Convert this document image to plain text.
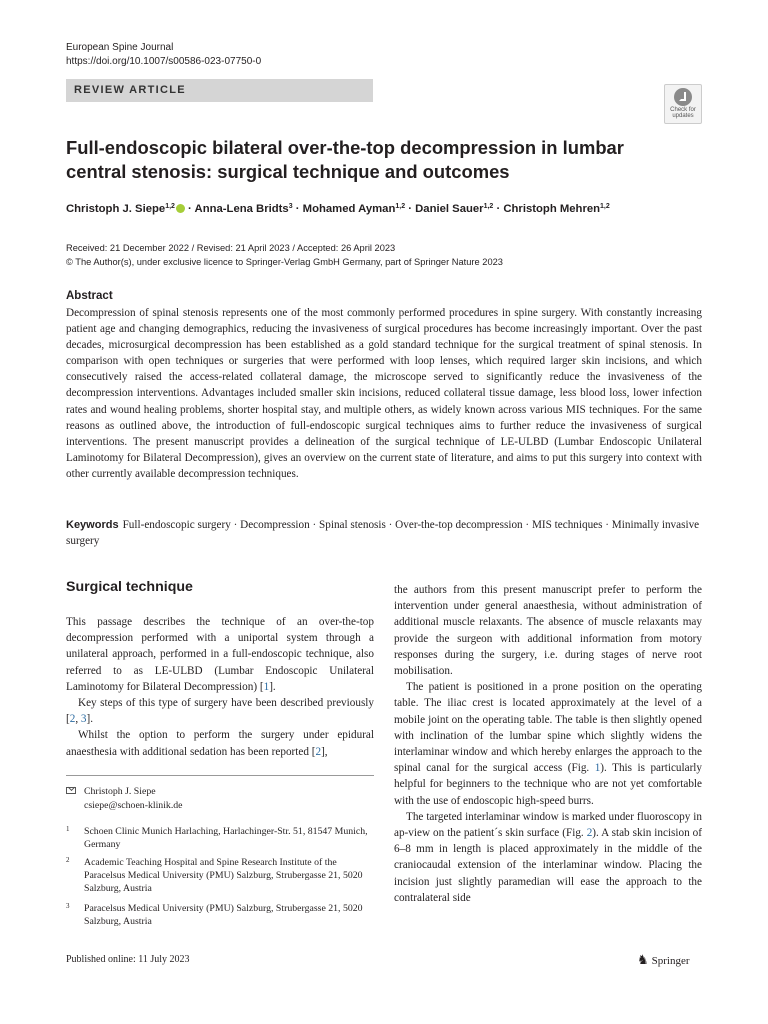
European Spine Journal
https://doi.org/10.1007/s00586-023-07750-0
REVIEW ARTICLE
Check for
updates
Full-endoscopic bilateral over-the-top decompression in lumbar central stenosis: surgical technique and outcomes
Christoph J. Siepe$^{1,2}$ · Anna-Lena Bridts$^3$ · Mohamed Ayman$^{1,2}$ · Daniel Sauer$^{1,2}$ · Christoph Mehren$^{1,2}$
Received: 21 December 2022 / Revised: 21 April 2023 / Accepted: 26 April 2023
© The Author(s), under exclusive licence to Springer-Verlag GmbH Germany, part of Springer Nature 2023
Abstract
Decompression of spinal stenosis represents one of the most commonly performed procedures in spine surgery. With constantly increasing patient age and changing demographics, reducing the invasiveness of surgical procedures has become increasingly important. Over the past decades, microsurgical decompression has been established as a gold standard technique for the surgical treatment of spinal stenosis. In comparison with open techniques or surgeries that were performed with loop lenses, which required larger skin incisions, and which consecutively raised the access-related collateral damage, the microscope served to significantly reduce the invasiveness of the decompression interventions. Advantages included smaller skin incisions, reduced collateral tissue damage, less blood loss, lower infection rates and wound healing problems, shorter hospital stay, and multiple others, as widely known across various MIS techniques. For the same reasons as outlined above, the introduction of full-endoscopic surgical techniques aims to further reduce the invasiveness of surgical interventions. The present manuscript provides a delineation of the surgical technique of LE-ULBD (Lumbar Endoscopic Unilateral Laminotomy for Bilateral Decompression), gives an overview on the current state of literature, and aims to put this surgery into context with other currently available decompression techniques.
Keywords Full-endoscopic surgery · Decompression · Spinal stenosis · Over-the-top decompression · MIS techniques · Minimally invasive surgery
Surgical technique

This passage describes the technique of an over-the-top decompression performed with a uniportal system through a unilateral approach, performed in a full-endoscopic technique, also referred to as LE-ULBD (Lumbar Endoscopic Unilateral Laminotomy for Bilateral Decompression) [1].

Key steps of this type of surgery have been described previously [2, 3].

Whilst the option to perform the surgery under epidural anaesthesia with additional sedation has been reported [2],

the authors from this present manuscript prefer to perform the intervention under general anaesthesia, without administration of additional muscle relaxants. The absence of muscle relaxants may provide the surgeon with additional information from motory responses during the surgery, i.e. during stages of nerve root mobilisation.

The patient is positioned in a prone position on the operating table. The iliac crest is located approximately at the level of a mobile joint on the operating table. The table is then slightly opened with inclination of the lumbar spine which slightly widens the interlaminar window and which hereby enlarges the approach to the spinal canal for the surgical access (Fig. 1). This is particularly helpful for beginners to the technique who are not yet comfortable with the use of endoscopic high-speed burrs.

The targeted interlaminar window is marked under fluoroscopy in ap-view on the patient´s skin surface (Fig. 2). A stab skin incision of 6–8 mm in length is placed approximately in the middle of the craniocaudal extension of the interlaminar window. Placing the incision just slightly paramedian will ease the approach to the contralateral side

Christoph J. Siepe
csiepe@schoen-klinik.de
1 Schoen Clinic Munich Harlaching, Harlachinger-Str. 51, 81547 Munich, Germany
2 Academic Teaching Hospital and Spine Research Institute of the Paracelsus Medical University (PMU) Salzburg, Strubergasse 21, 5020 Salzburg, Austria
3 Paracelsus Medical University (PMU) Salzburg, Strubergasse 21, 5020 Salzburg, Austria
Published online: 11 July 2023	♞ Springer
